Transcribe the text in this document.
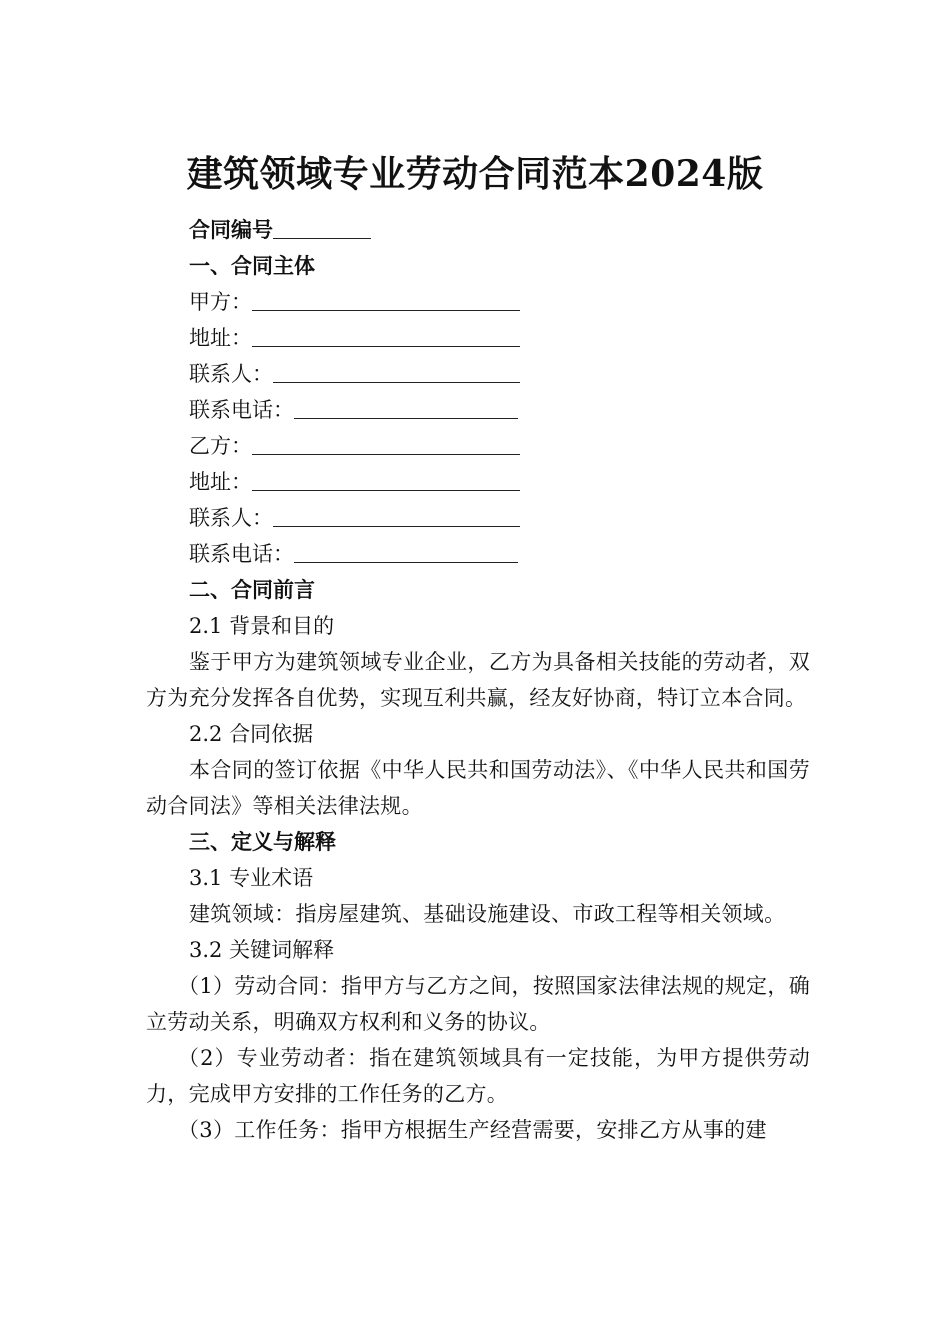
建筑领域专业劳动合同范本2024版
合同编号
一、合同主体
甲方：
地址：
联系人：
联系电话：
乙方：
地址：
联系人：
联系电话：
二、合同前言
2.1 背景和目的
鉴于甲方为建筑领域专业企业，乙方为具备相关技能的劳动者，双方为充分发挥各自优势，实现互利共赢，经友好协商，特订立本合同。
2.2 合同依据
本合同的签订依据《中华人民共和国劳动法》、《中华人民共和国劳动合同法》等相关法律法规。
三、定义与解释
3.1 专业术语
建筑领域：指房屋建筑、基础设施建设、市政工程等相关领域。
3.2 关键词解释
（1）劳动合同：指甲方与乙方之间，按照国家法律法规的规定，确立劳动关系，明确双方权利和义务的协议。
（2）专业劳动者：指在建筑领域具有一定技能，为甲方提供劳动力，完成甲方安排的工作任务的乙方。
（3）工作任务：指甲方根据生产经营需要，安排乙方从事的建
